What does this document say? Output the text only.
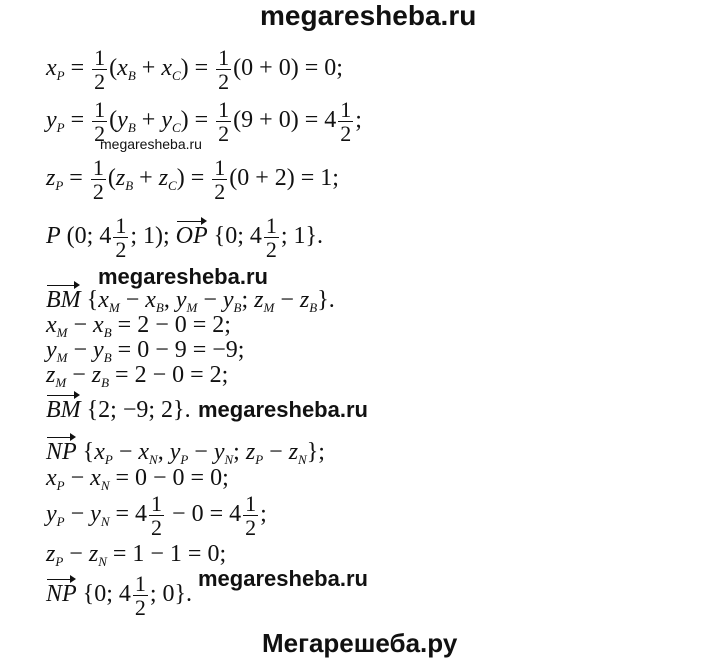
megaresheba.ru
$x_P = \frac{1}{2} (x_B + x_C) = \frac{1}{2} (0 + 0) = 0$;
$y_P = \frac{1}{2} (y_B + y_C) = \frac{1}{2} (9 + 0) = 4 \frac{1}{2}$ ;
megaresheba.ru
$z_P = \frac{1}{2} (z_B + z_C) = \frac{1}{2} (0 + 2) = 1$;
P (0; $4 \frac{1}{2}$ ; 1); OP {0; $4 \frac{1}{2}$ ; 1}.
megaresheba.ru
BM {$x_M - x_B$, $y_M - y_B$; $z_M - z_B$}.
$x_M - x_B = 2 - 0 = 2$;
$y_M - y_B = 0 - 9 = -9$;
$z_M - z_B = 2 - 0 = 2$;
BM {2; −9; 2}. megaresheba.ru
NP {$x_P - x_N$, $y_P - y_N$; $z_P - z_N$};
$x_P - x_N = 0 - 0 = 0$;
$y_P - y_N = 4 \frac{1}{2} - 0 = 4 \frac{1}{2}$ ;
$z_P - z_N = 1 - 1 = 0$;
NP {0; $4 \frac{1}{2}$ ; 0}.
megaresheba.ru
Мегарешеба.ру
